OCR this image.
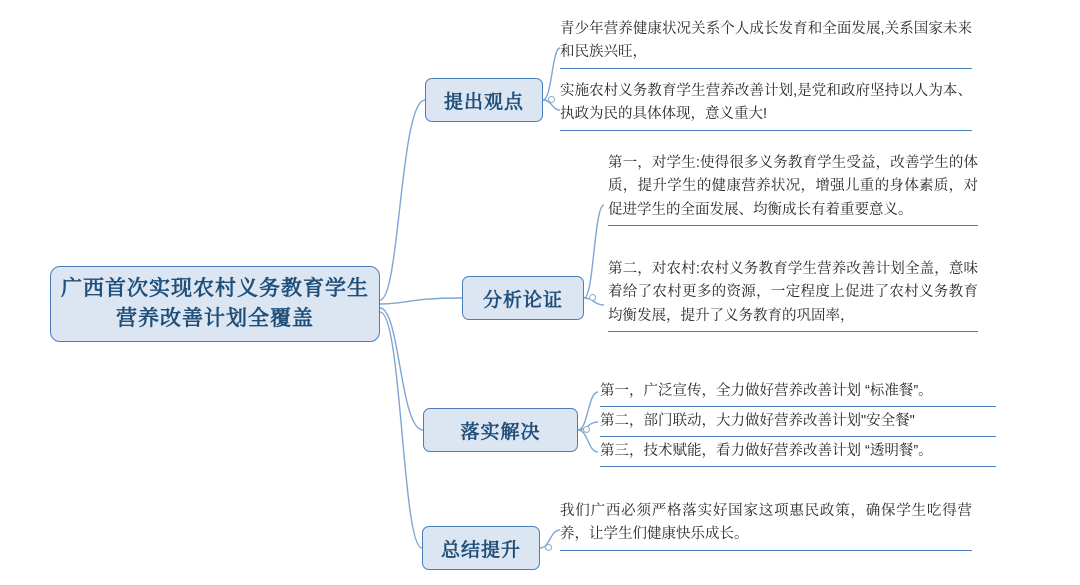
广西首次实现农村义务教育学生营养改善计划全覆盖
提出观点
青少年营养健康状况关系个人成长发育和全面发展,关系国家未来和民族兴旺，
实施农村义务教育学生营养改善计划,是党和政府坚持以人为本、执政为民的具体体现，意义重大!
分析论证
第一，对学生:使得很多义务教育学生受益，改善学生的体质，提升学生的健康营养状况，增强儿重的身体素质，对促进学生的全面发展、均衡成长有着重要意义。
第二，对农村:农村义务教育学生营养改善计划全盖，意味着给了农村更多的资源，一定程度上促进了农村义务教育均衡发展，提升了义务教育的巩固率，
落实解决
第一，广泛宣传，全力做好营养改善计划 “标准餐”。
第二，部门联动，大力做好营养改善计划"安全餐"
第三，技术赋能，看力做好营养改善计划 “透明餐”。
总结提升
我们广西必须严格落实好国家这项惠民政策，确保学生吃得营养，让学生们健康快乐成长。
